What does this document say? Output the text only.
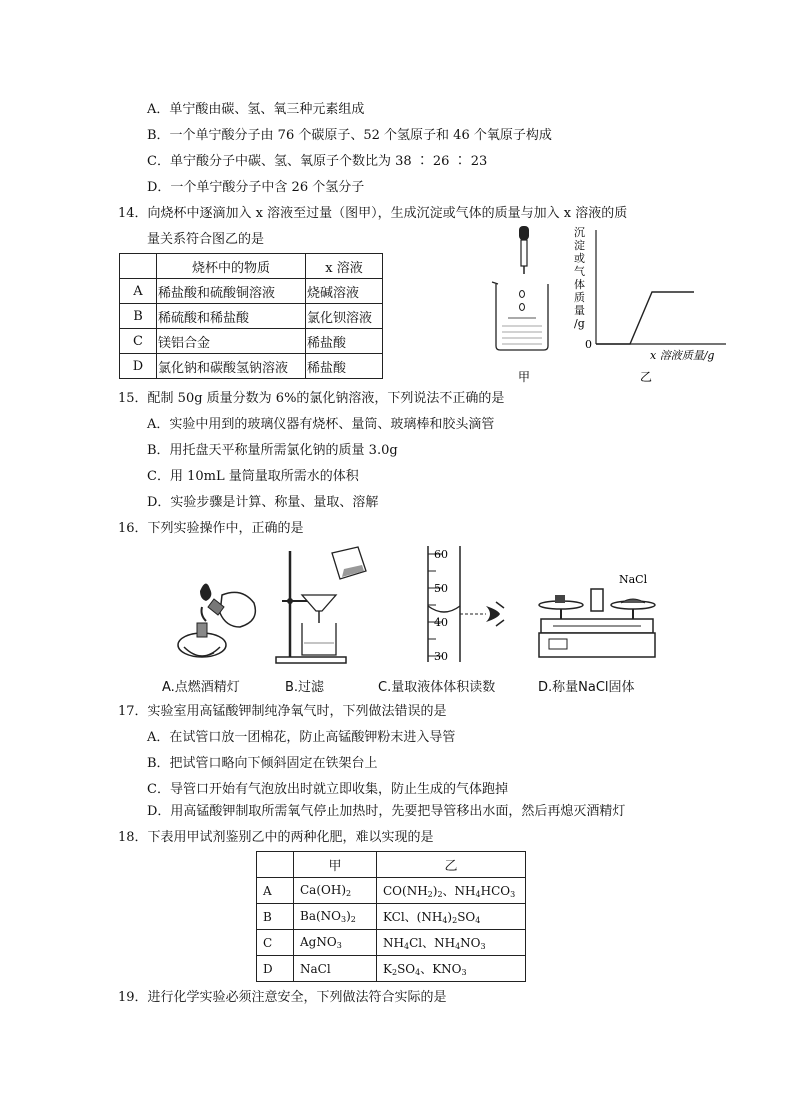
A．单宁酸由碳、氢、氧三种元素组成
B．一个单宁酸分子由 76 个碳原子、52 个氢原子和 46 个氧原子构成
C．单宁酸分子中碳、氢、氧原子个数比为 38 ∶ 26 ∶ 23
D．一个单宁酸分子中含 26 个氢分子
14．向烧杯中逐滴加入 x 溶液至过量（图甲），生成沉淀或气体的质量与加入 x 溶液的质
量关系符合图乙的是
	烧杯中的物质	x 溶液
A	稀盐酸和硫酸铜溶液	烧碱溶液
B	稀硫酸和稀盐酸	氯化钡溶液
C	镁铝合金	稀盐酸
D	氯化钠和碳酸氢钠溶液	稀盐酸
甲
沉
淀
或
气
体
质
量
/g
0
x 溶液质量/g
乙
15．配制 50g 质量分数为 6%的氯化钠溶液，下列说法不正确的是
A．实验中用到的玻璃仪器有烧杯、量筒、玻璃棒和胶头滴管
B．用托盘天平称量所需氯化钠的质量 3.0g
C．用 10mL 量筒量取所需水的体积
D．实验步骤是计算、称量、量取、溶解
16．下列实验操作中，正确的是
60
50
40
30
NaCl
A.点燃酒精灯	B.过滤	C.量取液体体积读数	D.称量NaCl固体
17．实验室用高锰酸钾制纯净氧气时，下列做法错误的是
A．在试管口放一团棉花，防止高锰酸钾粉末进入导管
B．把试管口略向下倾斜固定在铁架台上
C．导管口开始有气泡放出时就立即收集，防止生成的气体跑掉
D．用高锰酸钾制取所需氧气停止加热时，先要把导管移出水面，然后再熄灭酒精灯
18．下表用甲试剂鉴别乙中的两种化肥，难以实现的是
	甲	乙
A	$Ca(OH)_2$	$CO(NH_2)_2$、$NH_4HCO_3$
B	$Ba(NO_3)_2$	KCl、$(NH_4)_2SO_4$
C	AgNO$_3$	$NH_4Cl$、$NH_4NO_3$
D	NaCl	$K_2SO_4$、$KNO_3$
19．进行化学实验必须注意安全，下列做法符合实际的是
